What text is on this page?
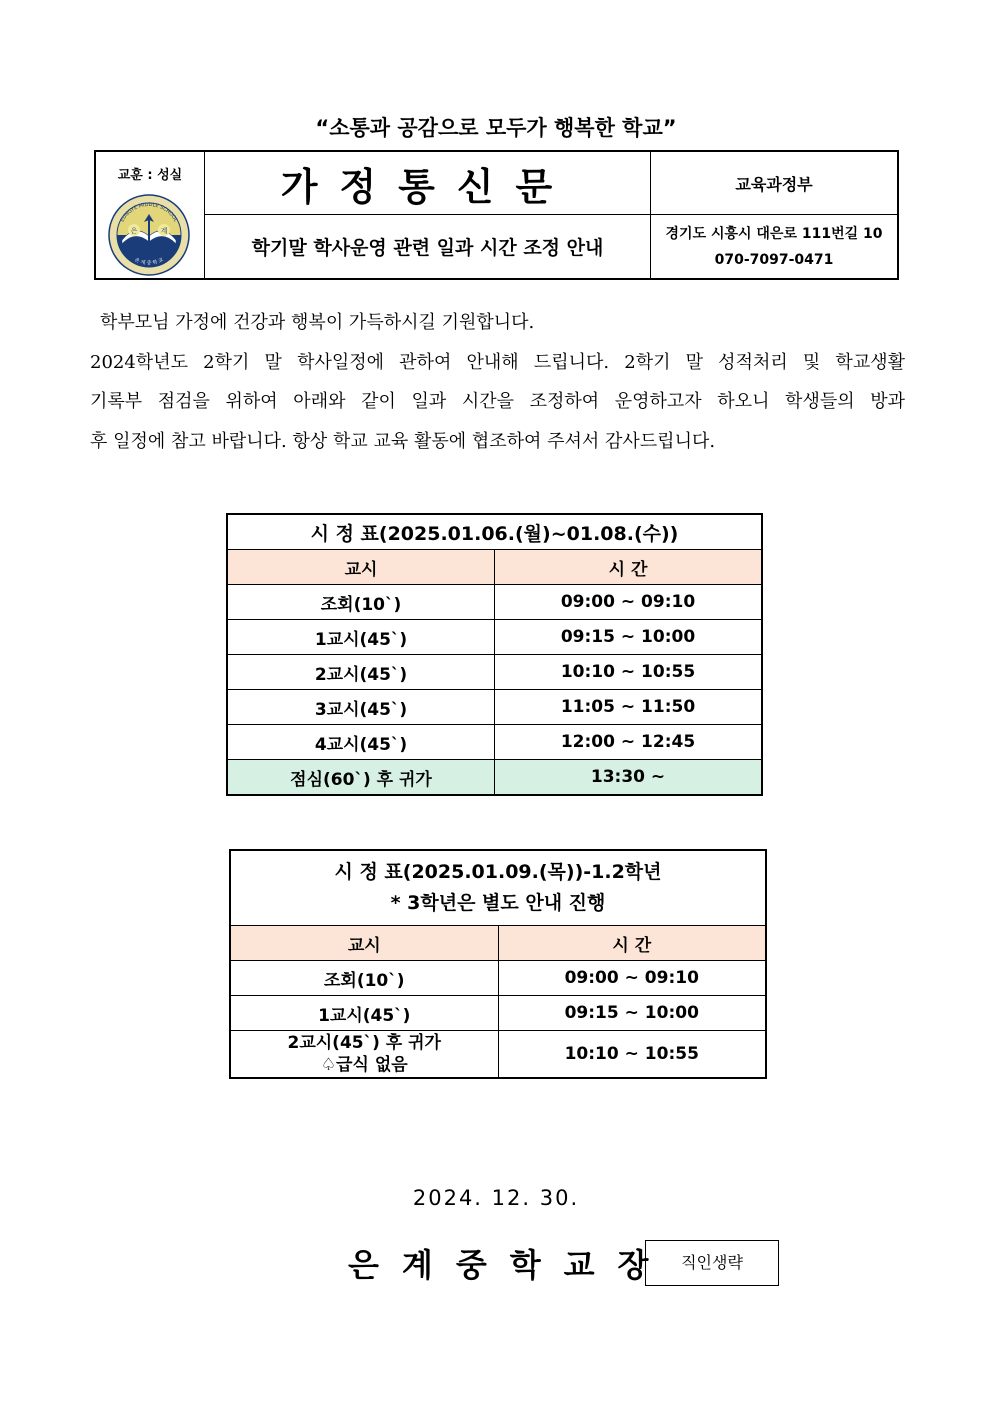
“소통과 공감으로 모두가 행복한 학교”
교훈 : 성실
은 계
EUNGYE MIDDLE SCHOOL
은 계 중 학 교	가정통신문	교육과정부
	학기말 학사운영 관련 일과 시간 조정 안내	경기도 시흥시 대은로 111번길 10
070-7097-0471

학부모님 가정에 건강과 행복이 가득하시길 기원합니다.

2024학년도 2학기 말 학사일정에 관하여 안내해 드립니다. 2학기 말 성적처리 및 학교생활

기록부 점검을 위하여 아래와 같이 일과 시간을 조정하여 운영하고자 하오니 학생들의 방과

후 일정에 참고 바랍니다. 항상 학교 교육 활동에 협조하여 주셔서 감사드립니다.

시 정 표(2025.01.06.(월)~01.08.(수))	
교시	시 간
조회(10`)	09:00 ~ 09:10
1교시(45`)	09:15 ~ 10:00
2교시(45`)	10:10 ~ 10:55
3교시(45`)	11:05 ~ 11:50
4교시(45`)	12:00 ~ 12:45
점심(60`) 후 귀가	13:30 ~
시 정 표(2025.01.09.(목))-1.2학년
* 3학년은 별도 안내 진행	

교시	시 간
조회(10`)	09:00 ~ 09:10
1교시(45`)	09:15 ~ 10:00

2교시(45`) 후 귀가
♤급식 없음	10:10 ~ 10:55
2024. 12. 30.
은계중학교장 직인생략
